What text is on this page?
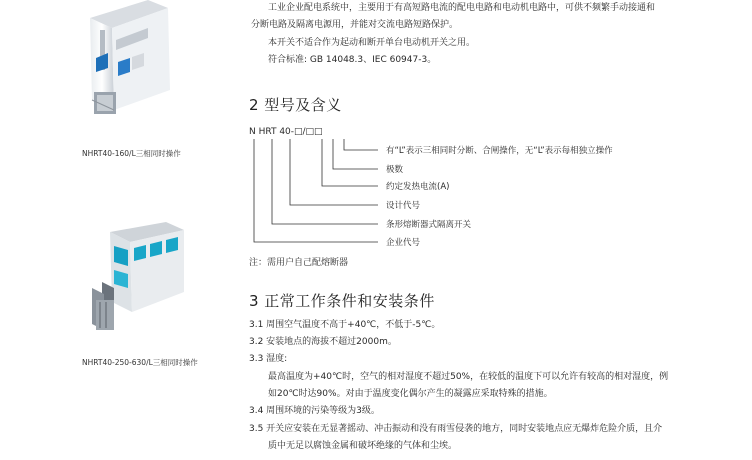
NHRT40-160/L三相同时操作
NHRT40-250-630/L三相同时操作
工业企业配电系统中，主要用于有高短路电流的配电电路和电动机电路中，可供不频繁手动接通和
分断电路及隔离电源用，并能对交流电路短路保护。
本开关不适合作为起动和断开单台电动机开关之用。
符合标准: GB 14048.3、IEC 60947-3。
2 型号及含义
N HRT 40-□/□□
有“L”表示三相同时分断、合闸操作，无“L”表示每相独立操作
极数
约定发热电流(A)
设计代号
条形熔断器式隔离开关
企业代号
注：需用户自己配熔断器
3 正常工作条件和安装条件
3.1 周围空气温度不高于+40℃，不低于-5℃。
3.2 安装地点的海拔不超过2000m。
3.3 湿度:
最高温度为+40℃时，空气的相对湿度不超过50%，在较低的温度下可以允许有较高的相对湿度，例
如20℃时达90%。对由于温度变化偶尔产生的凝露应采取特殊的措施。
3.4 周围环境的污染等级为3级。
3.5 开关应安装在无显著摇动、冲击振动和没有雨雪侵袭的地方，同时安装地点应无爆炸危险介质，且介
质中无足以腐蚀金属和破坏绝缘的气体和尘埃。
